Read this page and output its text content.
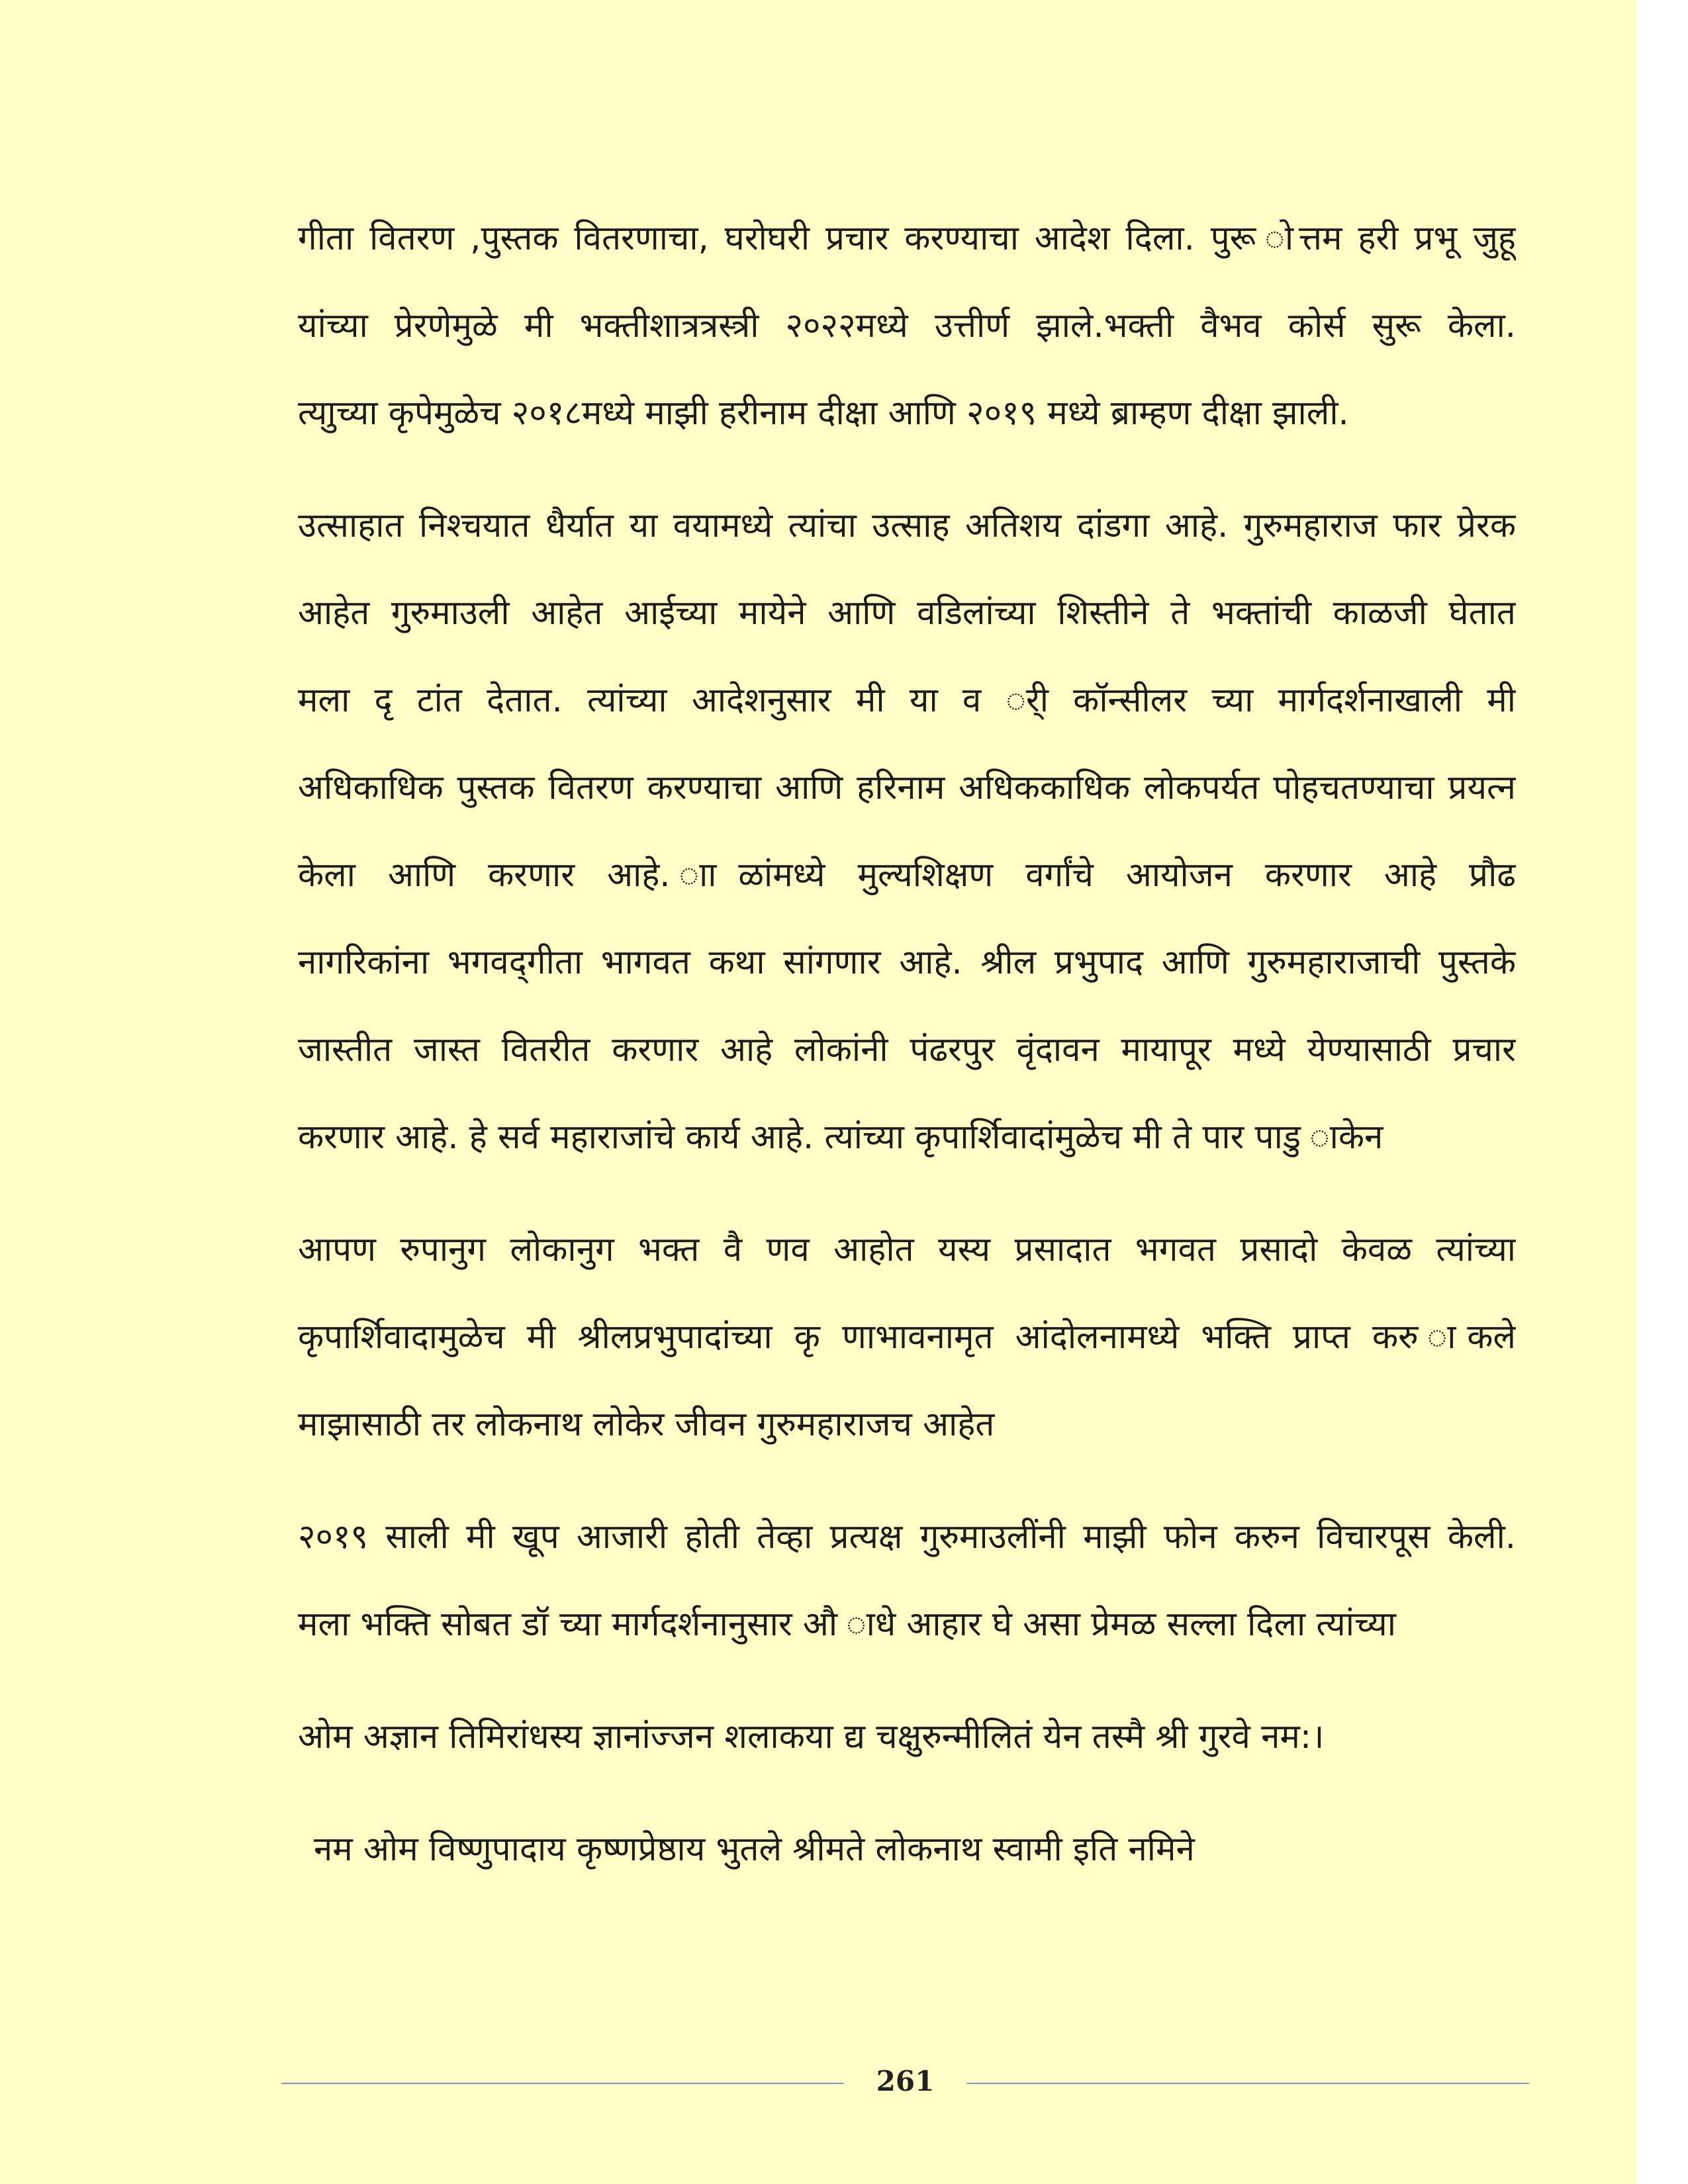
गीता वितरण ,पुस्तक वितरणाचा, घरोघरी प्रचार करण्याचा आदेश दिला. पुरू ोत्तम हरी प्रभू जुहू
यांच्या प्रेरणेमुळे मी भक्तीशात्रत्रस्त्री २०२२मध्ये उत्तीर्ण झाले.भक्ती वैभव कोर्स सुरू केला.
त्याुच्या कृपेमुळेच २०१८मध्ये माझी हरीनाम दीक्षा आणि २०१९ मध्ये ब्राम्हण दीक्षा झाली.
उत्साहात निश्चयात धैर्यात या वयामध्ये त्यांचा उत्साह अतिशय दांडगा आहे. गुरुमहाराज फार प्रेरक
आहेत गुरुमाउली आहेत आईच्या मायेने आणि वडिलांच्या शिस्तीने ते भक्तांची काळजी घेतात
मला दृ टांत देतात. त्यांच्या आदेशनुसार मी या व र्ी कॉन्सीलर च्या मार्गदर्शनाखाली मी
अधिकाधिक पुस्तक वितरण करण्याचा आणि हरिनाम अधिककाधिक लोकपर्यत पोहचतण्याचा प्रयत्न
केला आणि करणार आहे. ााळांमध्ये मुल्यशिक्षण वर्गांचे आयोजन करणार आहे प्रौढ
नागरिकांना भगवद्‌गीता भागवत कथा सांगणार आहे. श्रील प्रभुपाद आणि गुरुमहाराजाची पुस्तके
जास्तीत जास्त वितरीत करणार आहे लोकांनी पंढरपुर वृंदावन मायापूर मध्ये येण्यासाठी प्रचार
करणार आहे. हे सर्व महाराजांचे कार्य आहे. त्यांच्या कृपार्शिवादांमुळेच मी ते पार पाडु ाकेन
आपण रुपानुग लोकानुग भक्त वै णव आहोत यस्य प्रसादात भगवत प्रसादो केवळ त्यांच्या
कृपार्शिवादामुळेच मी श्रीलप्रभुपादांच्या कृ णाभावनामृत आंदोलनामध्ये भक्ति प्राप्त करु ाकले
माझासाठी तर लोकनाथ लोकेर जीवन गुरुमहाराजच आहेत
२०१९ साली मी खूप आजारी होती तेव्हा प्रत्यक्ष गुरुमाउलींनी माझी फोन करुन विचारपूस केली.
मला भक्ति सोबत डॉ च्या मार्गदर्शनानुसार औ ाधे आहार घे असा प्रेमळ सल्ला दिला त्यांच्या
ओम अज्ञान तिमिरांधस्य ज्ञानांज्जन शलाकया द्य चक्षुरुन्मीलितं येन तस्मै श्री गुरवे नम:।
नम ओम विष्णुपादाय कृष्णप्रेष्ठाय भुतले श्रीमते लोकनाथ स्वामी इति नमिने
261
